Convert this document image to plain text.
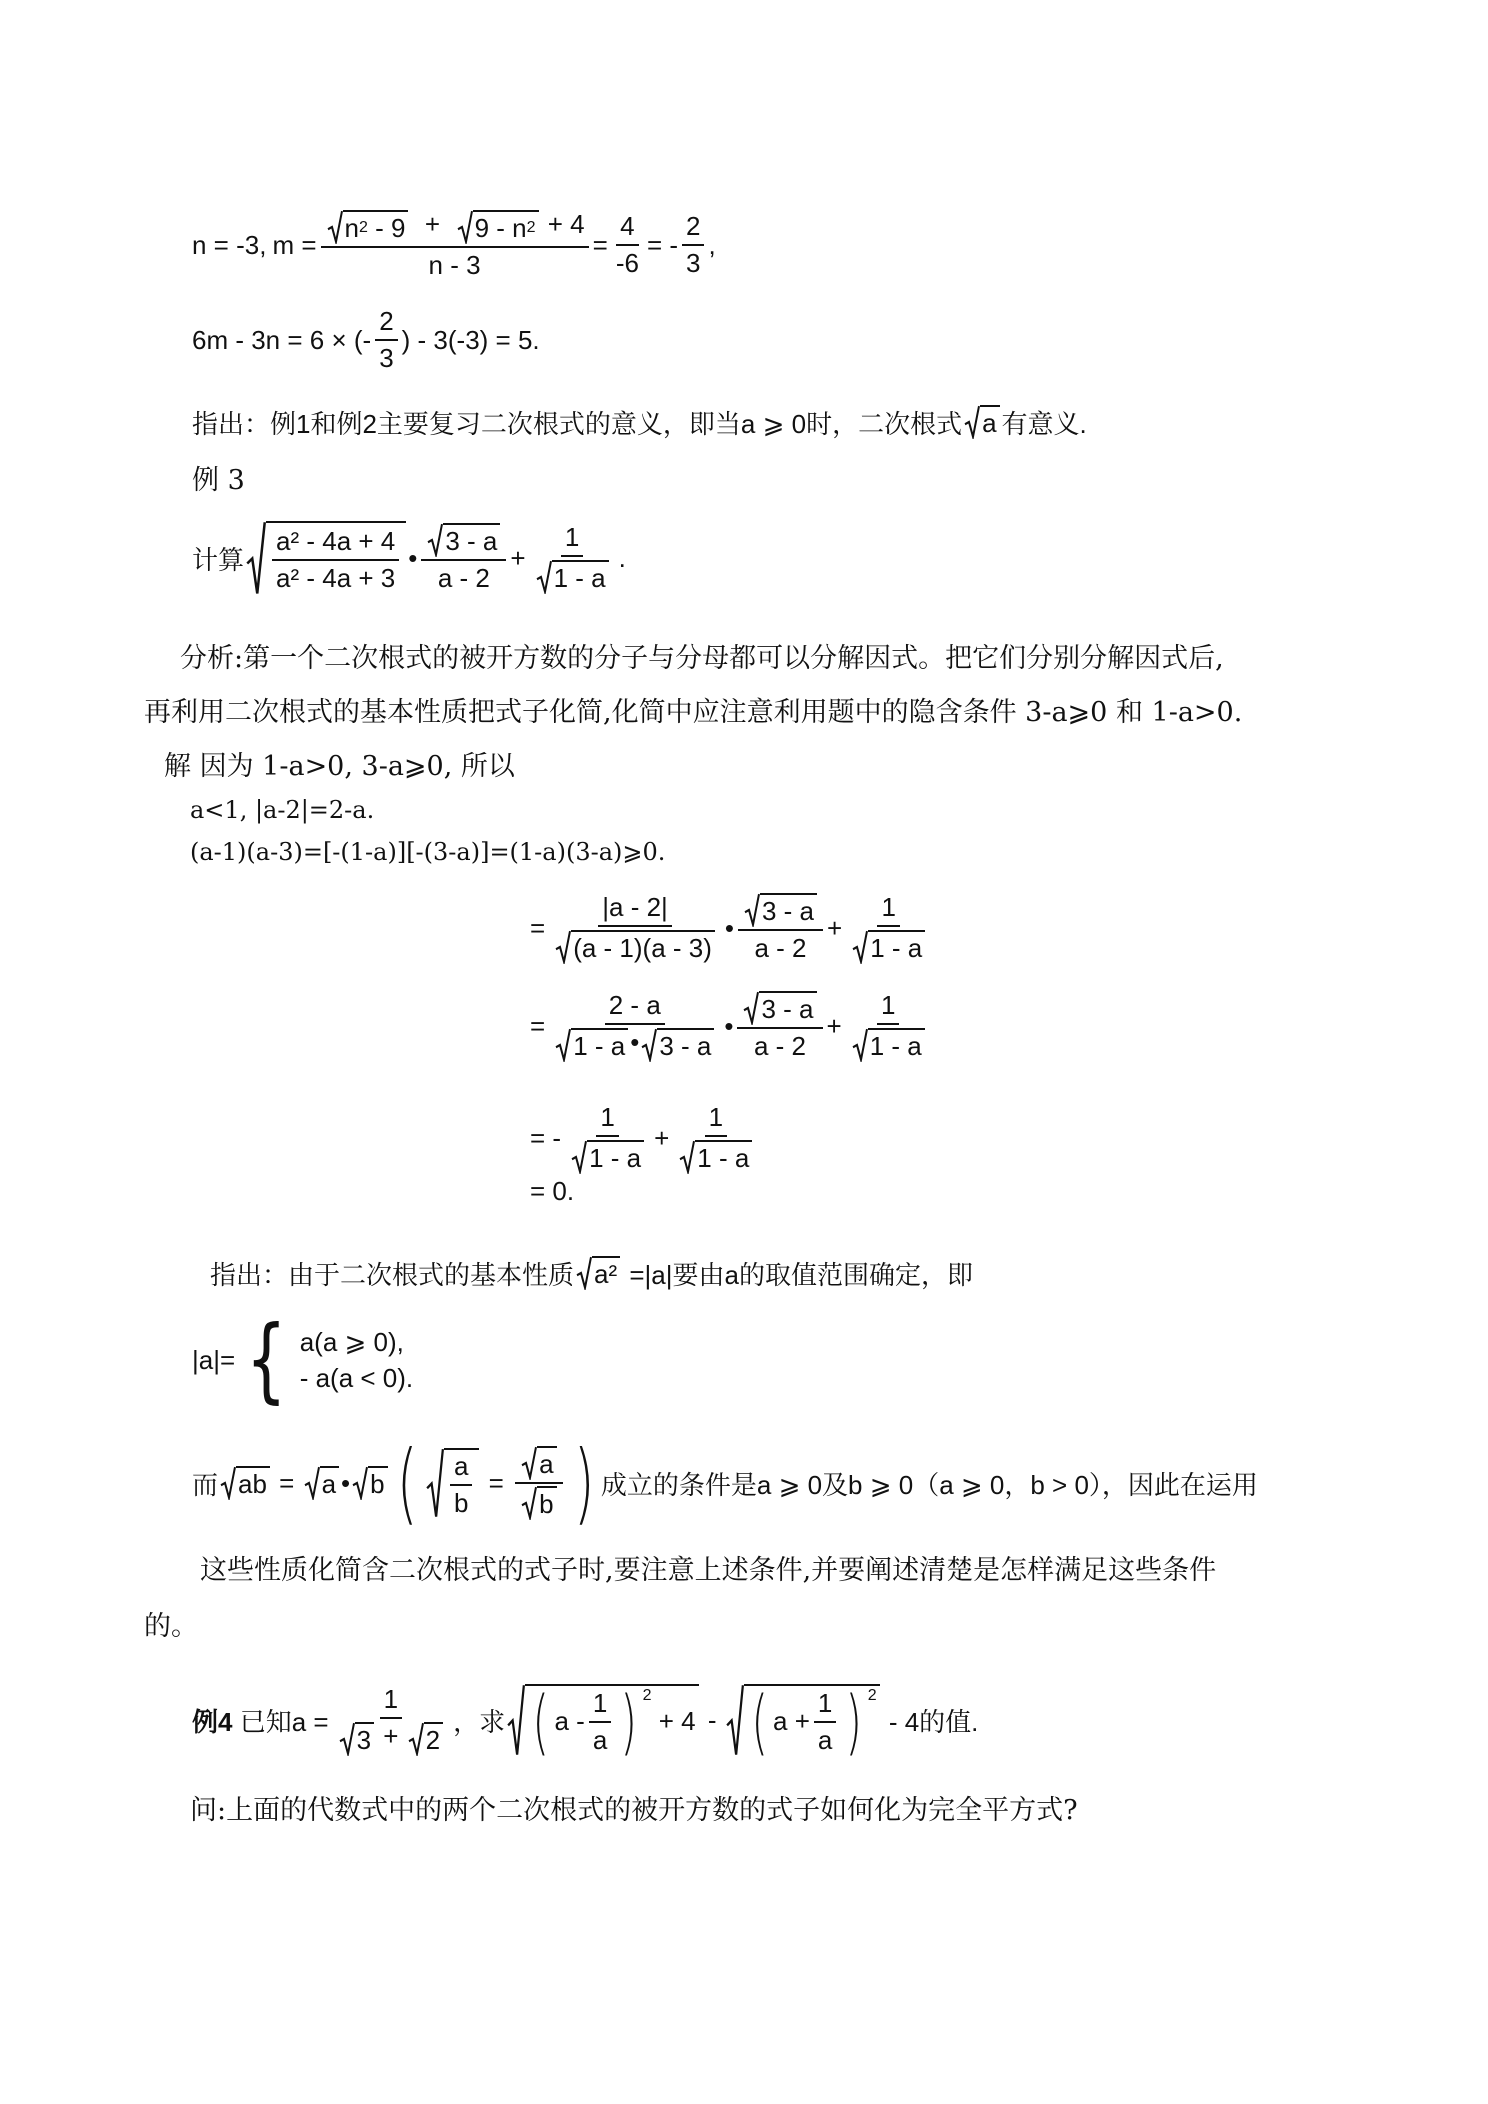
n = -3, $m = \frac{n 2 - 9 + 9 - n 2 + 4}{n - 3} = \frac{4}{-6}$ = - $\frac{2}{3}$ ,
6m - 3n = 6 × (- $\frac{2}{3}$ ) - 3(-3) = 5.
指出：例1和例2主要复习二次根式的意义，即当a ⩾ 0时，二次根式 a 有意义.
例 3
计算 $\frac{\text{a² - 4a + 4}}{\text{a² - 4a + 3}}$ • $\frac{3 - a}{a - 2} + \frac{1}{1 - a}$ .
分析:第一个二次根式的被开方数的分子与分母都可以分解因式。把它们分别分解因式后,
再利用二次根式的基本性质把式子化简,化简中应注意利用题中的隐含条件 3-a⩾0 和 1-a>0.
解 因为 1-a>0, 3-a⩾0, 所以
a<1, |a-2|=2-a.
(a-1)(a-3)=[-(1-a)][-(3-a)]=(1-a)(3-a)⩾0.
= $\frac{|a - 2|}{(a - 1)(a - 3)}$ • $\frac{3 - a}{a - 2} + \frac{1}{1 - a}$
= $\frac{2 - a}{1 - a • 3 - a}$ • $\frac{3 - a}{a - 2} + \frac{1}{1 - a}$
= - $\frac{1}{1 - a} + \frac{1}{1 - a}$
= 0.
指出：由于二次根式的基本性质 a² =|a|要由a的取值范围确定，即
|a|= { a(a ⩾ 0),
- a(a < 0).
而 ab = a • b ( $\frac{a}{b} = \frac{a}{b}$ ) 成立的条件是a ⩾ 0及b ⩾ 0（a ⩾ 0，b > 0），因此在运用
这些性质化简含二次根式的式子时,要注意上述条件,并要阐述清楚是怎样满足这些条件
的。
例4 已知$a = \frac{1}{3 + 2}$ ，求 ( a - $\frac{1}{a}$ ) 2
+ 4
-
( $a + \frac{1}{a}$ ) 2
- 4的值.
问:上面的代数式中的两个二次根式的被开方数的式子如何化为完全平方式?
